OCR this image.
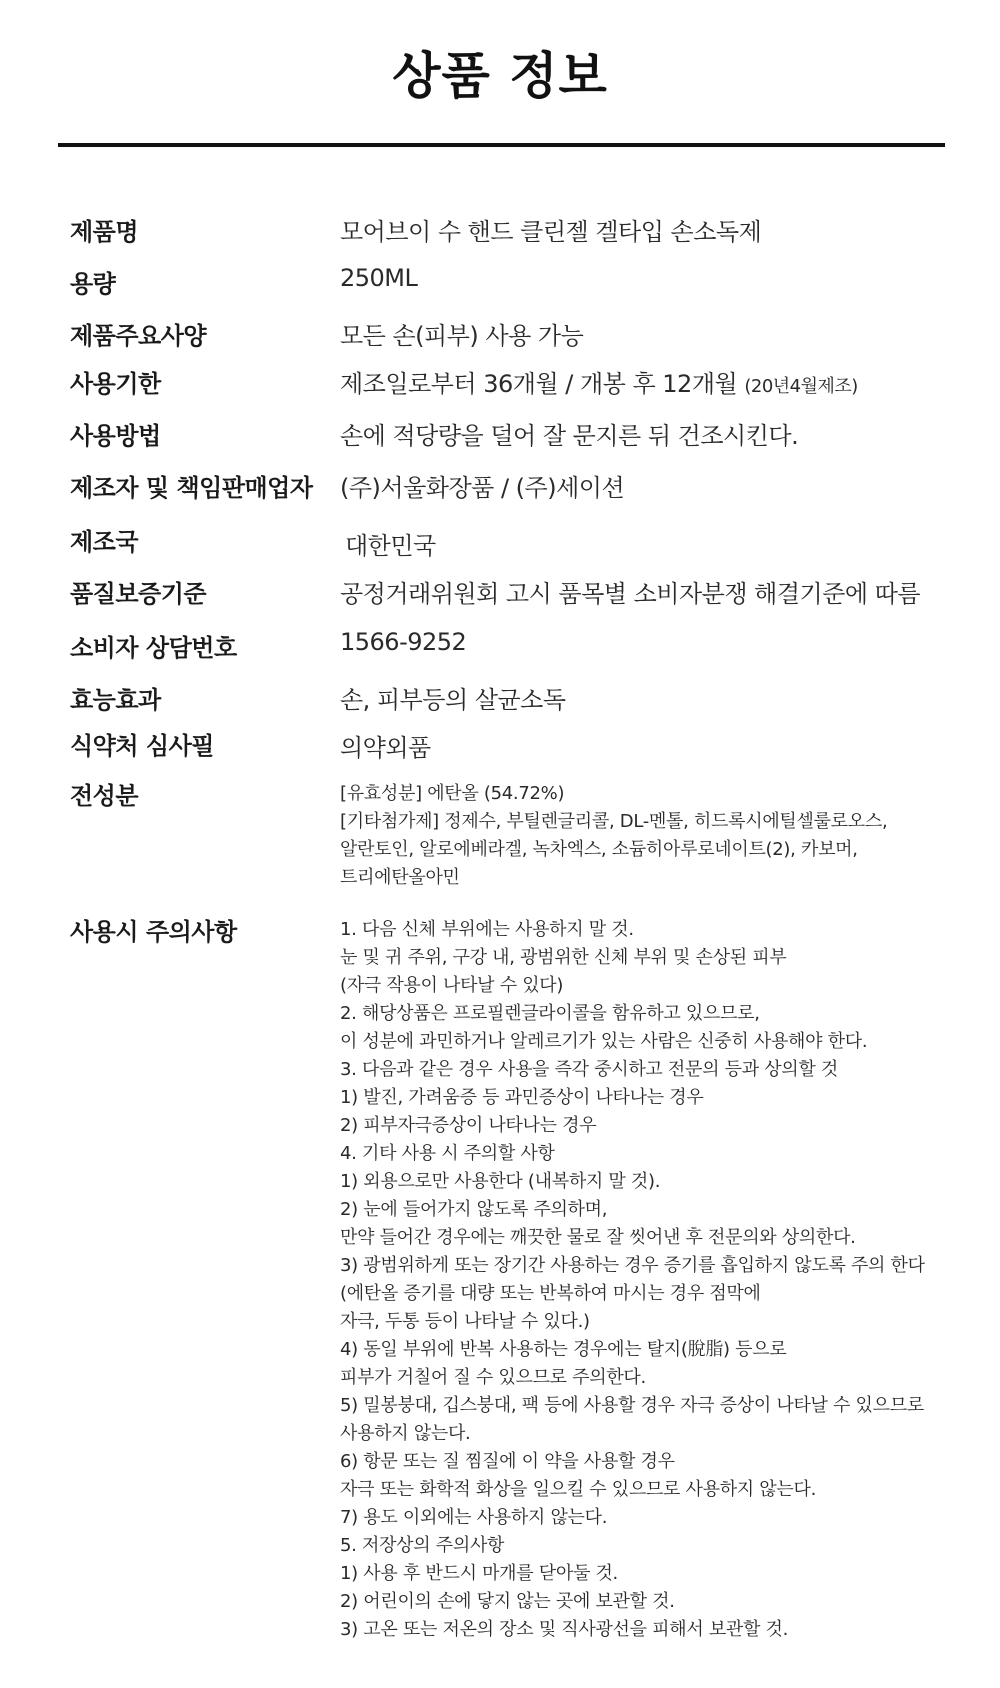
상품 정보
제품명	모어브이 수 핸드 클린젤 겔타입 손소독제
용량	250ML
제품주요사양	모든 손(피부) 사용 가능
사용기한	제조일로부터 36개월 / 개봉 후 12개월 (20년4월제조)
사용방법	손에 적당량을 덜어 잘 문지른 뒤 건조시킨다.
제조자 및 책임판매업자 (주)서울화장품 / (주)세이션
제조국	대한민국
품질보증기준	공정거래위원회 고시 품목별 소비자분쟁 해결기준에 따름
소비자 상담번호	1566-9252
효능효과	손, 피부등의 살균소독
식약처 심사필	의약외품
전성분	[유효성분] 에탄올 (54.72%)
[기타첨가제] 정제수, 부틸렌글리콜, DL-멘톨, 히드록시에틸셀룰로오스,
알란토인, 알로에베라겔, 녹차엑스, 소듐히아루로네이트(2), 카보머,
트리에탄올아민
사용시 주의사항	1. 다음 신체 부위에는 사용하지 말 것.
눈 및 귀 주위, 구강 내, 광범위한 신체 부위 및 손상된 피부
(자극 작용이 나타날 수 있다)
2. 해당상품은 프로필렌글라이콜을 함유하고 있으므로,
이 성분에 과민하거나 알레르기가 있는 사람은 신중히 사용해야 한다.
3. 다음과 같은 경우 사용을 즉각 중시하고 전문의 등과 상의할 것
1) 발진, 가려움증 등 과민증상이 나타나는 경우
2) 피부자극증상이 나타나는 경우
4. 기타 사용 시 주의할 사항
1) 외용으로만 사용한다 (내복하지 말 것).
2) 눈에 들어가지 않도록 주의하며,
만약 들어간 경우에는 깨끗한 물로 잘 씻어낸 후 전문의와 상의한다.
3) 광범위하게 또는 장기간 사용하는 경우 증기를 흡입하지 않도록 주의 한다
(에탄올 증기를 대량 또는 반복하여 마시는 경우 점막에
자극, 두통 등이 나타날 수 있다.)
4) 동일 부위에 반복 사용하는 경우에는 탈지(脫脂) 등으로
피부가 거칠어 질 수 있으므로 주의한다.
5) 밀봉붕대, 깁스붕대, 팩 등에 사용할 경우 자극 증상이 나타날 수 있으므로
사용하지 않는다.
6) 항문 또는 질 찜질에 이 약을 사용할 경우
자극 또는 화학적 화상을 일으킬 수 있으므로 사용하지 않는다.
7) 용도 이외에는 사용하지 않는다.
5. 저장상의 주의사항
1) 사용 후 반드시 마개를 닫아둘 것.
2) 어린이의 손에 닿지 않는 곳에 보관할 것.
3) 고온 또는 저온의 장소 및 직사광선을 피해서 보관할 것.
